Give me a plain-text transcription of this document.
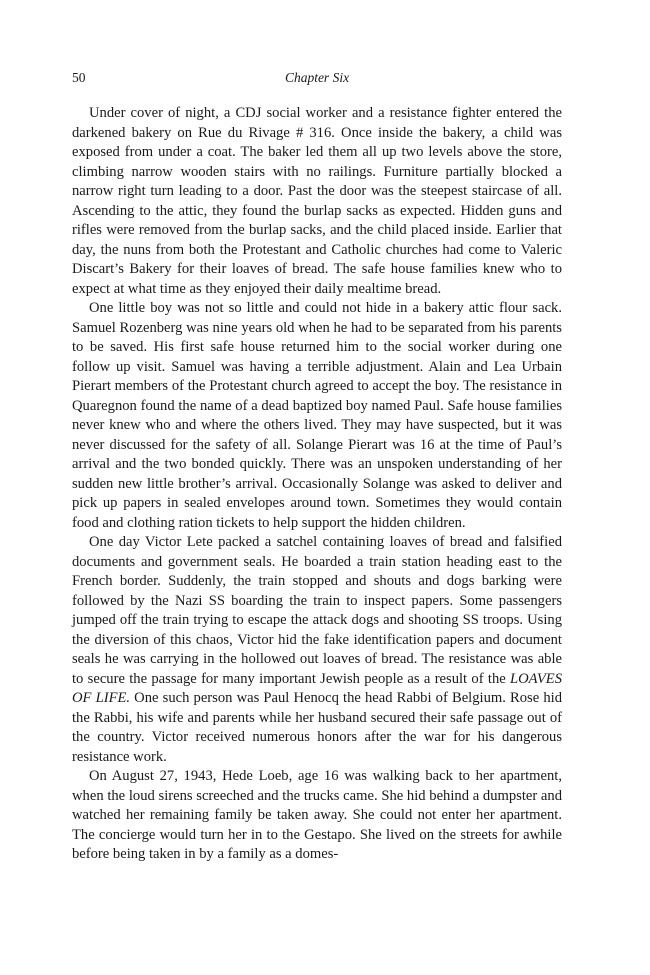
50	Chapter Six

Under cover of night, a CDJ social worker and a resistance fighter entered the darkened bakery on Rue du Rivage # 316. Once inside the bakery, a child was exposed from under a coat. The baker led them all up two levels above the store, climbing narrow wooden stairs with no railings. Furniture partially blocked a narrow right turn leading to a door. Past the door was the steepest staircase of all. Ascending to the attic, they found the burlap sacks as expected. Hidden guns and rifles were removed from the burlap sacks, and the child placed inside. Earlier that day, the nuns from both the Protestant and Catholic churches had come to Valeric Discart’s Bakery for their loaves of bread. The safe house families knew who to expect at what time as they enjoyed their daily mealtime bread.

One little boy was not so little and could not hide in a bakery attic flour sack. Samuel Rozenberg was nine years old when he had to be separated from his parents to be saved. His first safe house returned him to the social worker during one follow up visit. Samuel was having a terrible adjustment. Alain and Lea Urbain Pierart members of the Protestant church agreed to accept the boy. The resistance in Quaregnon found the name of a dead baptized boy named Paul. Safe house families never knew who and where the others lived. They may have suspected, but it was never discussed for the safety of all. Solange Pierart was 16 at the time of Paul’s arrival and the two bonded quickly. There was an unspoken understanding of her sudden new little brother’s arrival. Occasionally Solange was asked to deliver and pick up papers in sealed envelopes around town. Sometimes they would contain food and clothing ration tickets to help support the hidden children.

One day Victor Lete packed a satchel containing loaves of bread and falsified documents and government seals. He boarded a train station heading east to the French border. Suddenly, the train stopped and shouts and dogs barking were followed by the Nazi SS boarding the train to inspect papers. Some passengers jumped off the train trying to escape the attack dogs and shooting SS troops. Using the diversion of this chaos, Victor hid the fake identification papers and document seals he was carrying in the hollowed out loaves of bread. The resistance was able to secure the passage for many important Jewish people as a result of the LOAVES OF LIFE. One such person was Paul Henocq the head Rabbi of Belgium. Rose hid the Rabbi, his wife and parents while her husband secured their safe passage out of the country. Victor received numerous honors after the war for his dangerous resistance work.

On August 27, 1943, Hede Loeb, age 16 was walking back to her apartment, when the loud sirens screeched and the trucks came. She hid behind a dumpster and watched her remaining family be taken away. She could not enter her apartment. The concierge would turn her in to the Gestapo. She lived on the streets for awhile before being taken in by a family as a domes-
